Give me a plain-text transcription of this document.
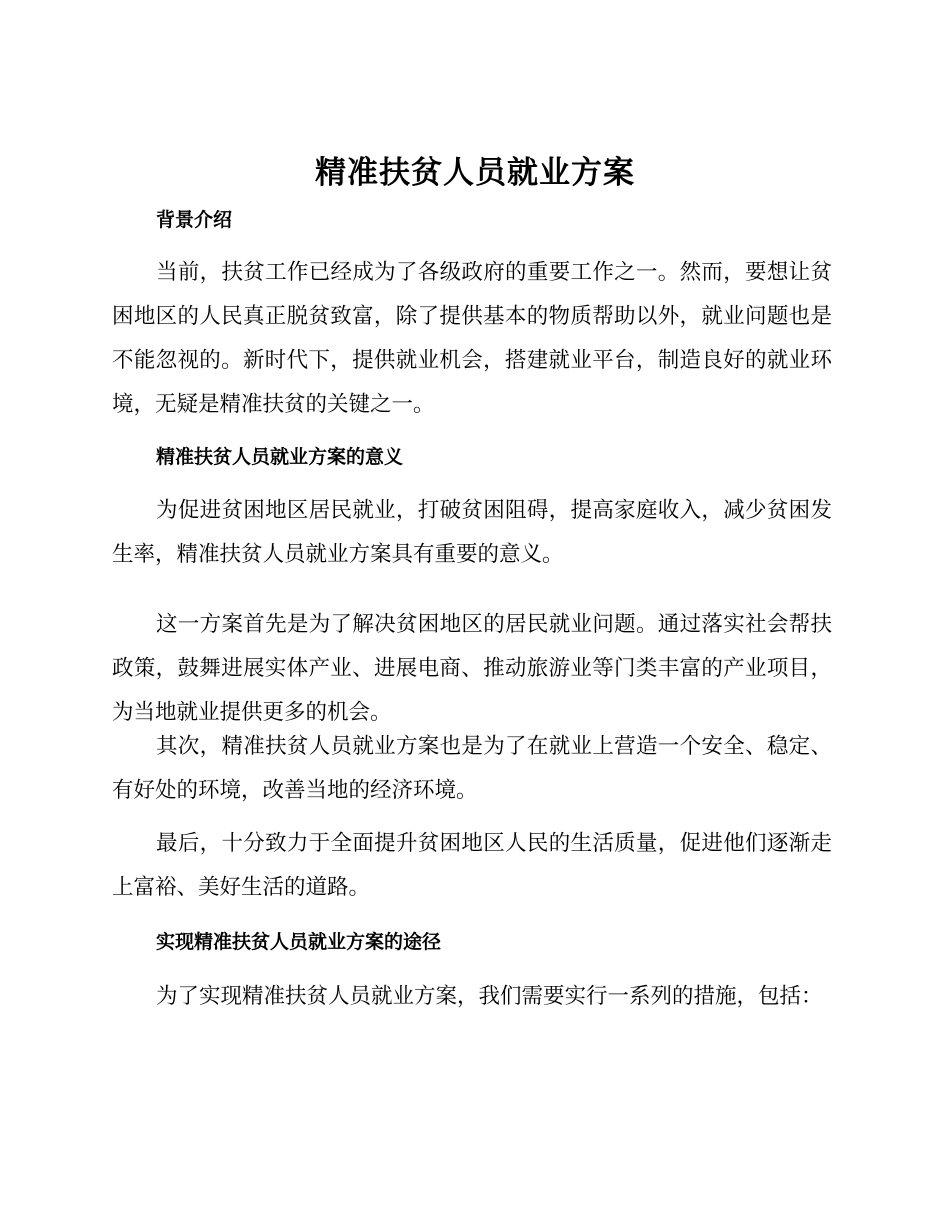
精准扶贫人员就业方案
背景介绍

当前，扶贫工作已经成为了各级政府的重要工作之一。然而，要想让贫困地区的人民真正脱贫致富，除了提供基本的物质帮助以外，就业问题也是不能忽视的。新时代下，提供就业机会，搭建就业平台，制造良好的就业环境，无疑是精准扶贫的关键之一。

精准扶贫人员就业方案的意义

为促进贫困地区居民就业，打破贫困阻碍，提高家庭收入，减少贫困发生率，精准扶贫人员就业方案具有重要的意义。

这一方案首先是为了解决贫困地区的居民就业问题。通过落实社会帮扶政策，鼓舞进展实体产业、进展电商、推动旅游业等门类丰富的产业项目，为当地就业提供更多的机会。

其次，精准扶贫人员就业方案也是为了在就业上营造一个安全、稳定、有好处的环境，改善当地的经济环境。

最后，十分致力于全面提升贫困地区人民的生活质量，促进他们逐渐走上富裕、美好生活的道路。

实现精准扶贫人员就业方案的途径

为了实现精准扶贫人员就业方案，我们需要实行一系列的措施，包括：
